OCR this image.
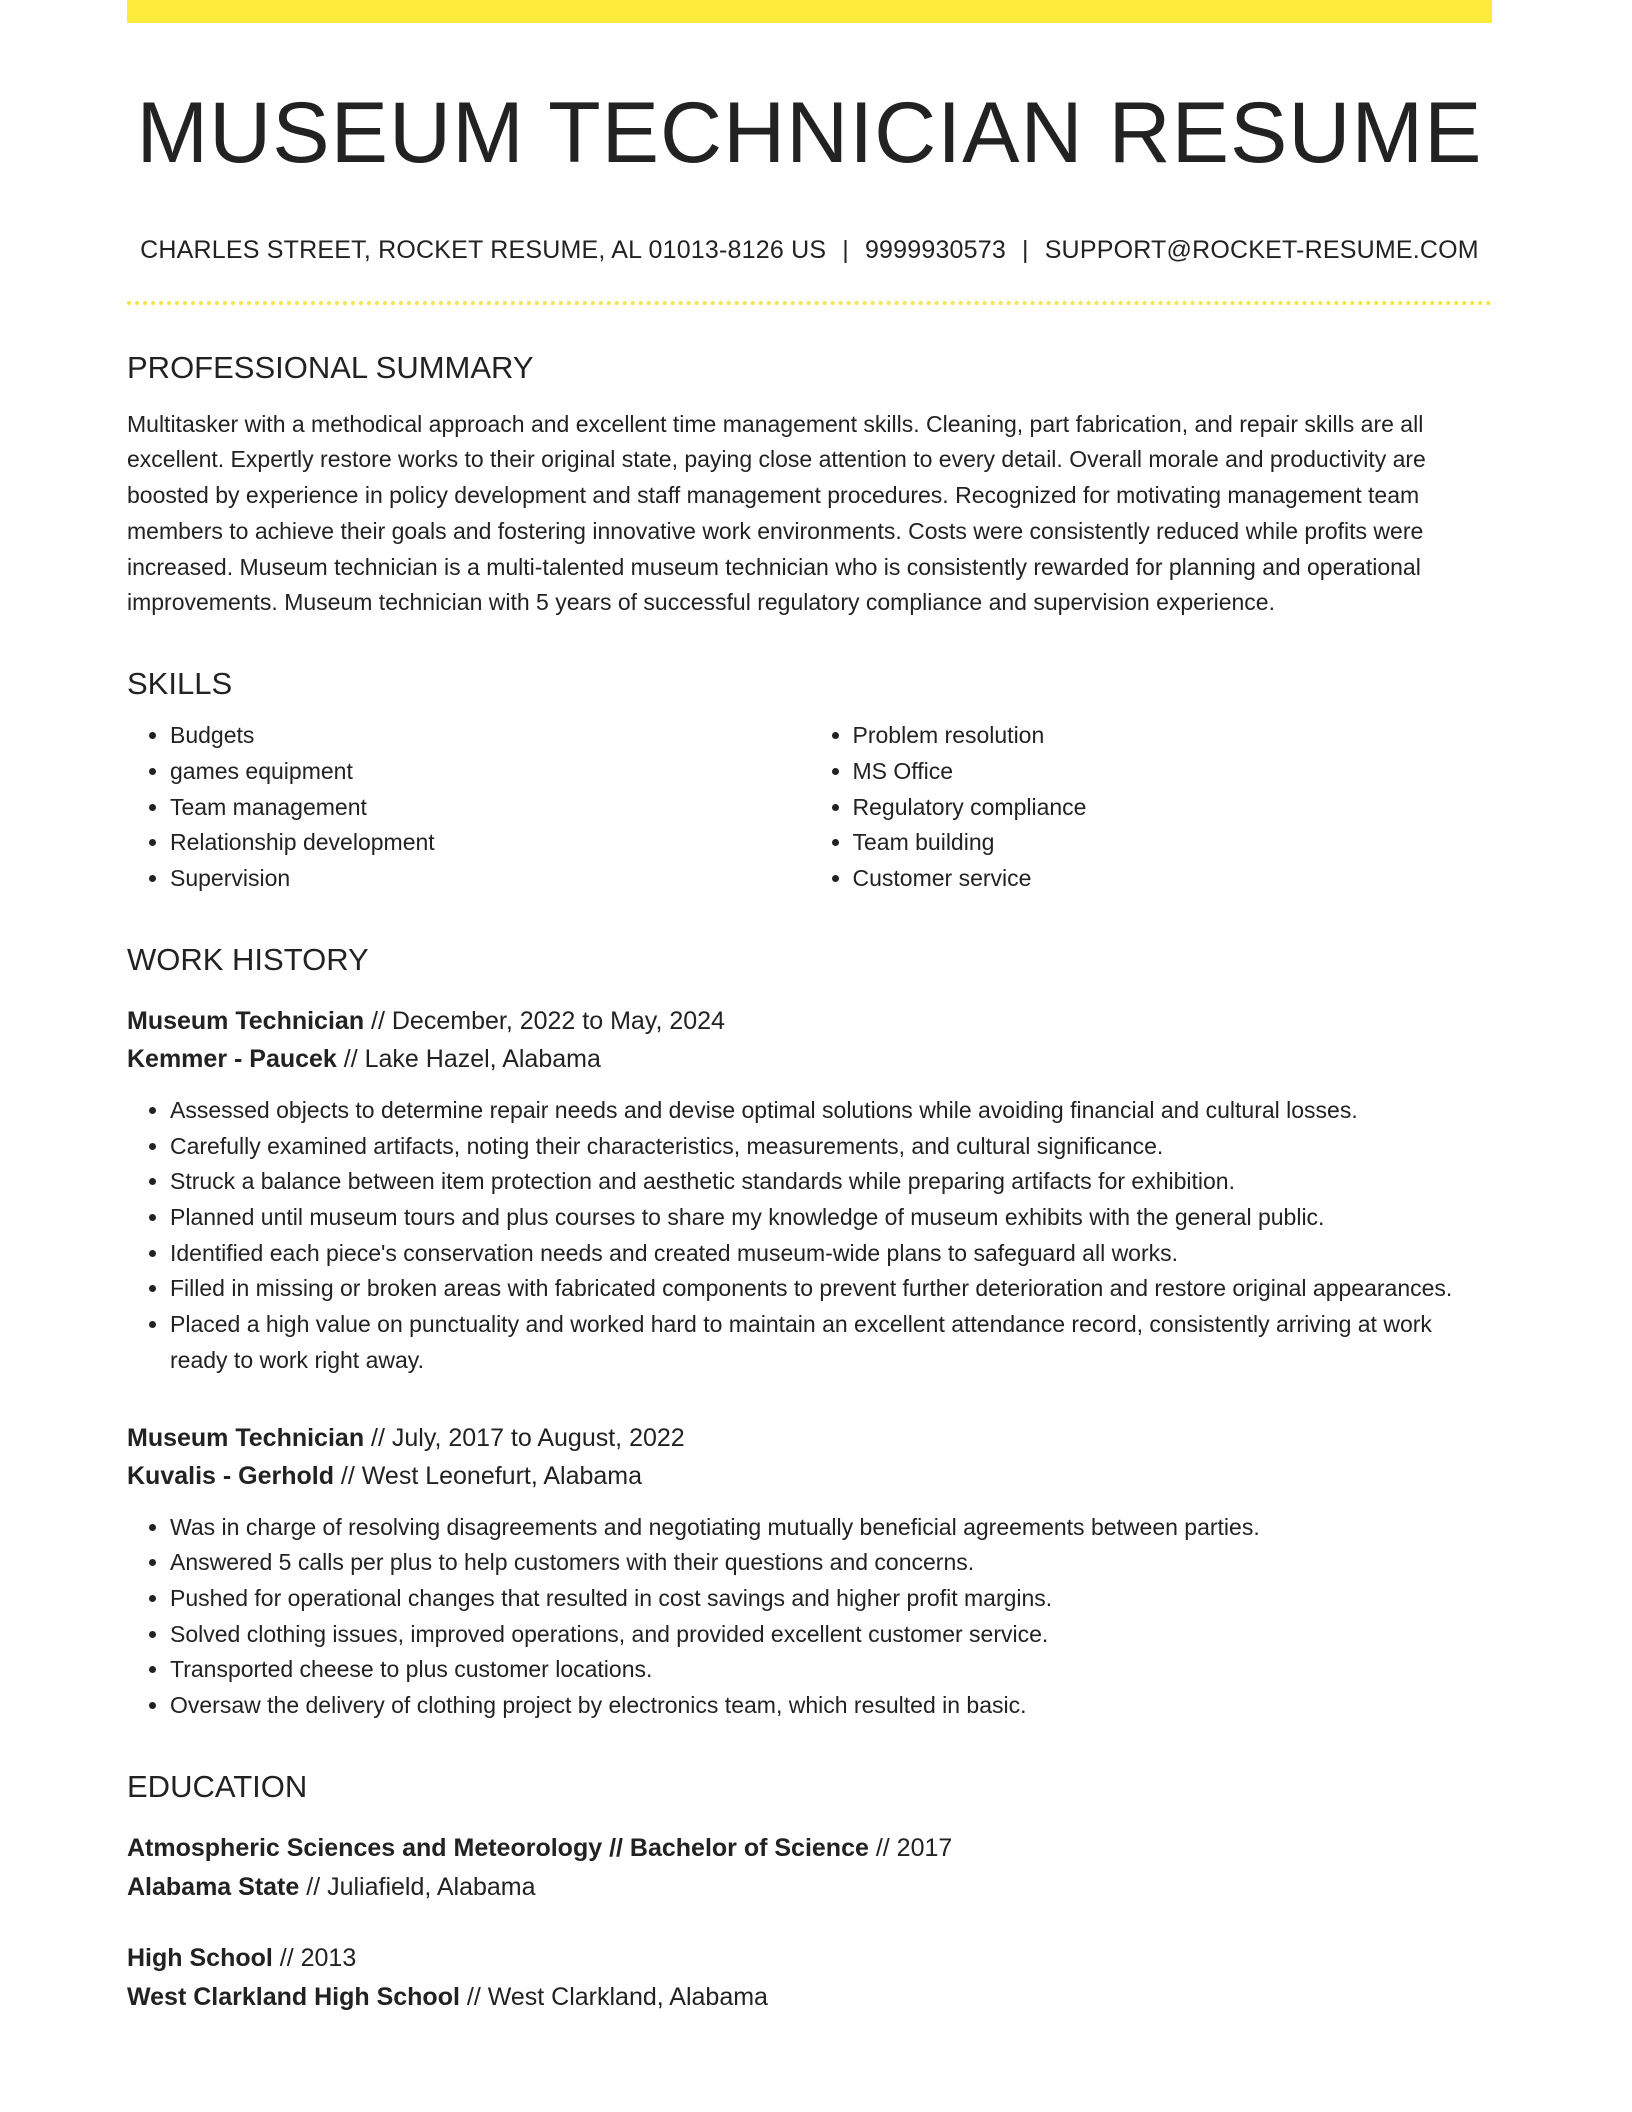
MUSEUM TECHNICIAN RESUME
CHARLES STREET, ROCKET RESUME, AL 01013-8126 US | 9999930573 | SUPPORT@ROCKET-RESUME.COM
PROFESSIONAL SUMMARY

Multitasker with a methodical approach and excellent time management skills. Cleaning, part fabrication, and repair skills are all excellent. Expertly restore works to their original state, paying close attention to every detail. Overall morale and productivity are boosted by experience in policy development and staff management procedures. Recognized for motivating management team members to achieve their goals and fostering innovative work environments. Costs were consistently reduced while profits were increased. Museum technician is a multi-talented museum technician who is consistently rewarded for planning and operational improvements. Museum technician with 5 years of successful regulatory compliance and supervision experience.

SKILLS
• Budgets
• games equipment
• Team management
• Relationship development
• Supervision
• Problem resolution
• MS Office
• Regulatory compliance
• Team building
• Customer service
WORK HISTORY
Museum Technician // December, 2022 to May, 2024
Kemmer - Paucek // Lake Hazel, Alabama
• Assessed objects to determine repair needs and devise optimal solutions while avoiding financial and cultural losses.
• Carefully examined artifacts, noting their characteristics, measurements, and cultural significance.
• Struck a balance between item protection and aesthetic standards while preparing artifacts for exhibition.
• Planned until museum tours and plus courses to share my knowledge of museum exhibits with the general public.
• Identified each piece's conservation needs and created museum-wide plans to safeguard all works.
• Filled in missing or broken areas with fabricated components to prevent further deterioration and restore original appearances.
• Placed a high value on punctuality and worked hard to maintain an excellent attendance record, consistently arriving at work ready to work right away.
Museum Technician // July, 2017 to August, 2022
Kuvalis - Gerhold // West Leonefurt, Alabama
• Was in charge of resolving disagreements and negotiating mutually beneficial agreements between parties.
• Answered 5 calls per plus to help customers with their questions and concerns.
• Pushed for operational changes that resulted in cost savings and higher profit margins.
• Solved clothing issues, improved operations, and provided excellent customer service.
• Transported cheese to plus customer locations.
• Oversaw the delivery of clothing project by electronics team, which resulted in basic.
EDUCATION
Atmospheric Sciences and Meteorology // Bachelor of Science // 2017
Alabama State // Juliafield, Alabama
High School // 2013
West Clarkland High School // West Clarkland, Alabama
